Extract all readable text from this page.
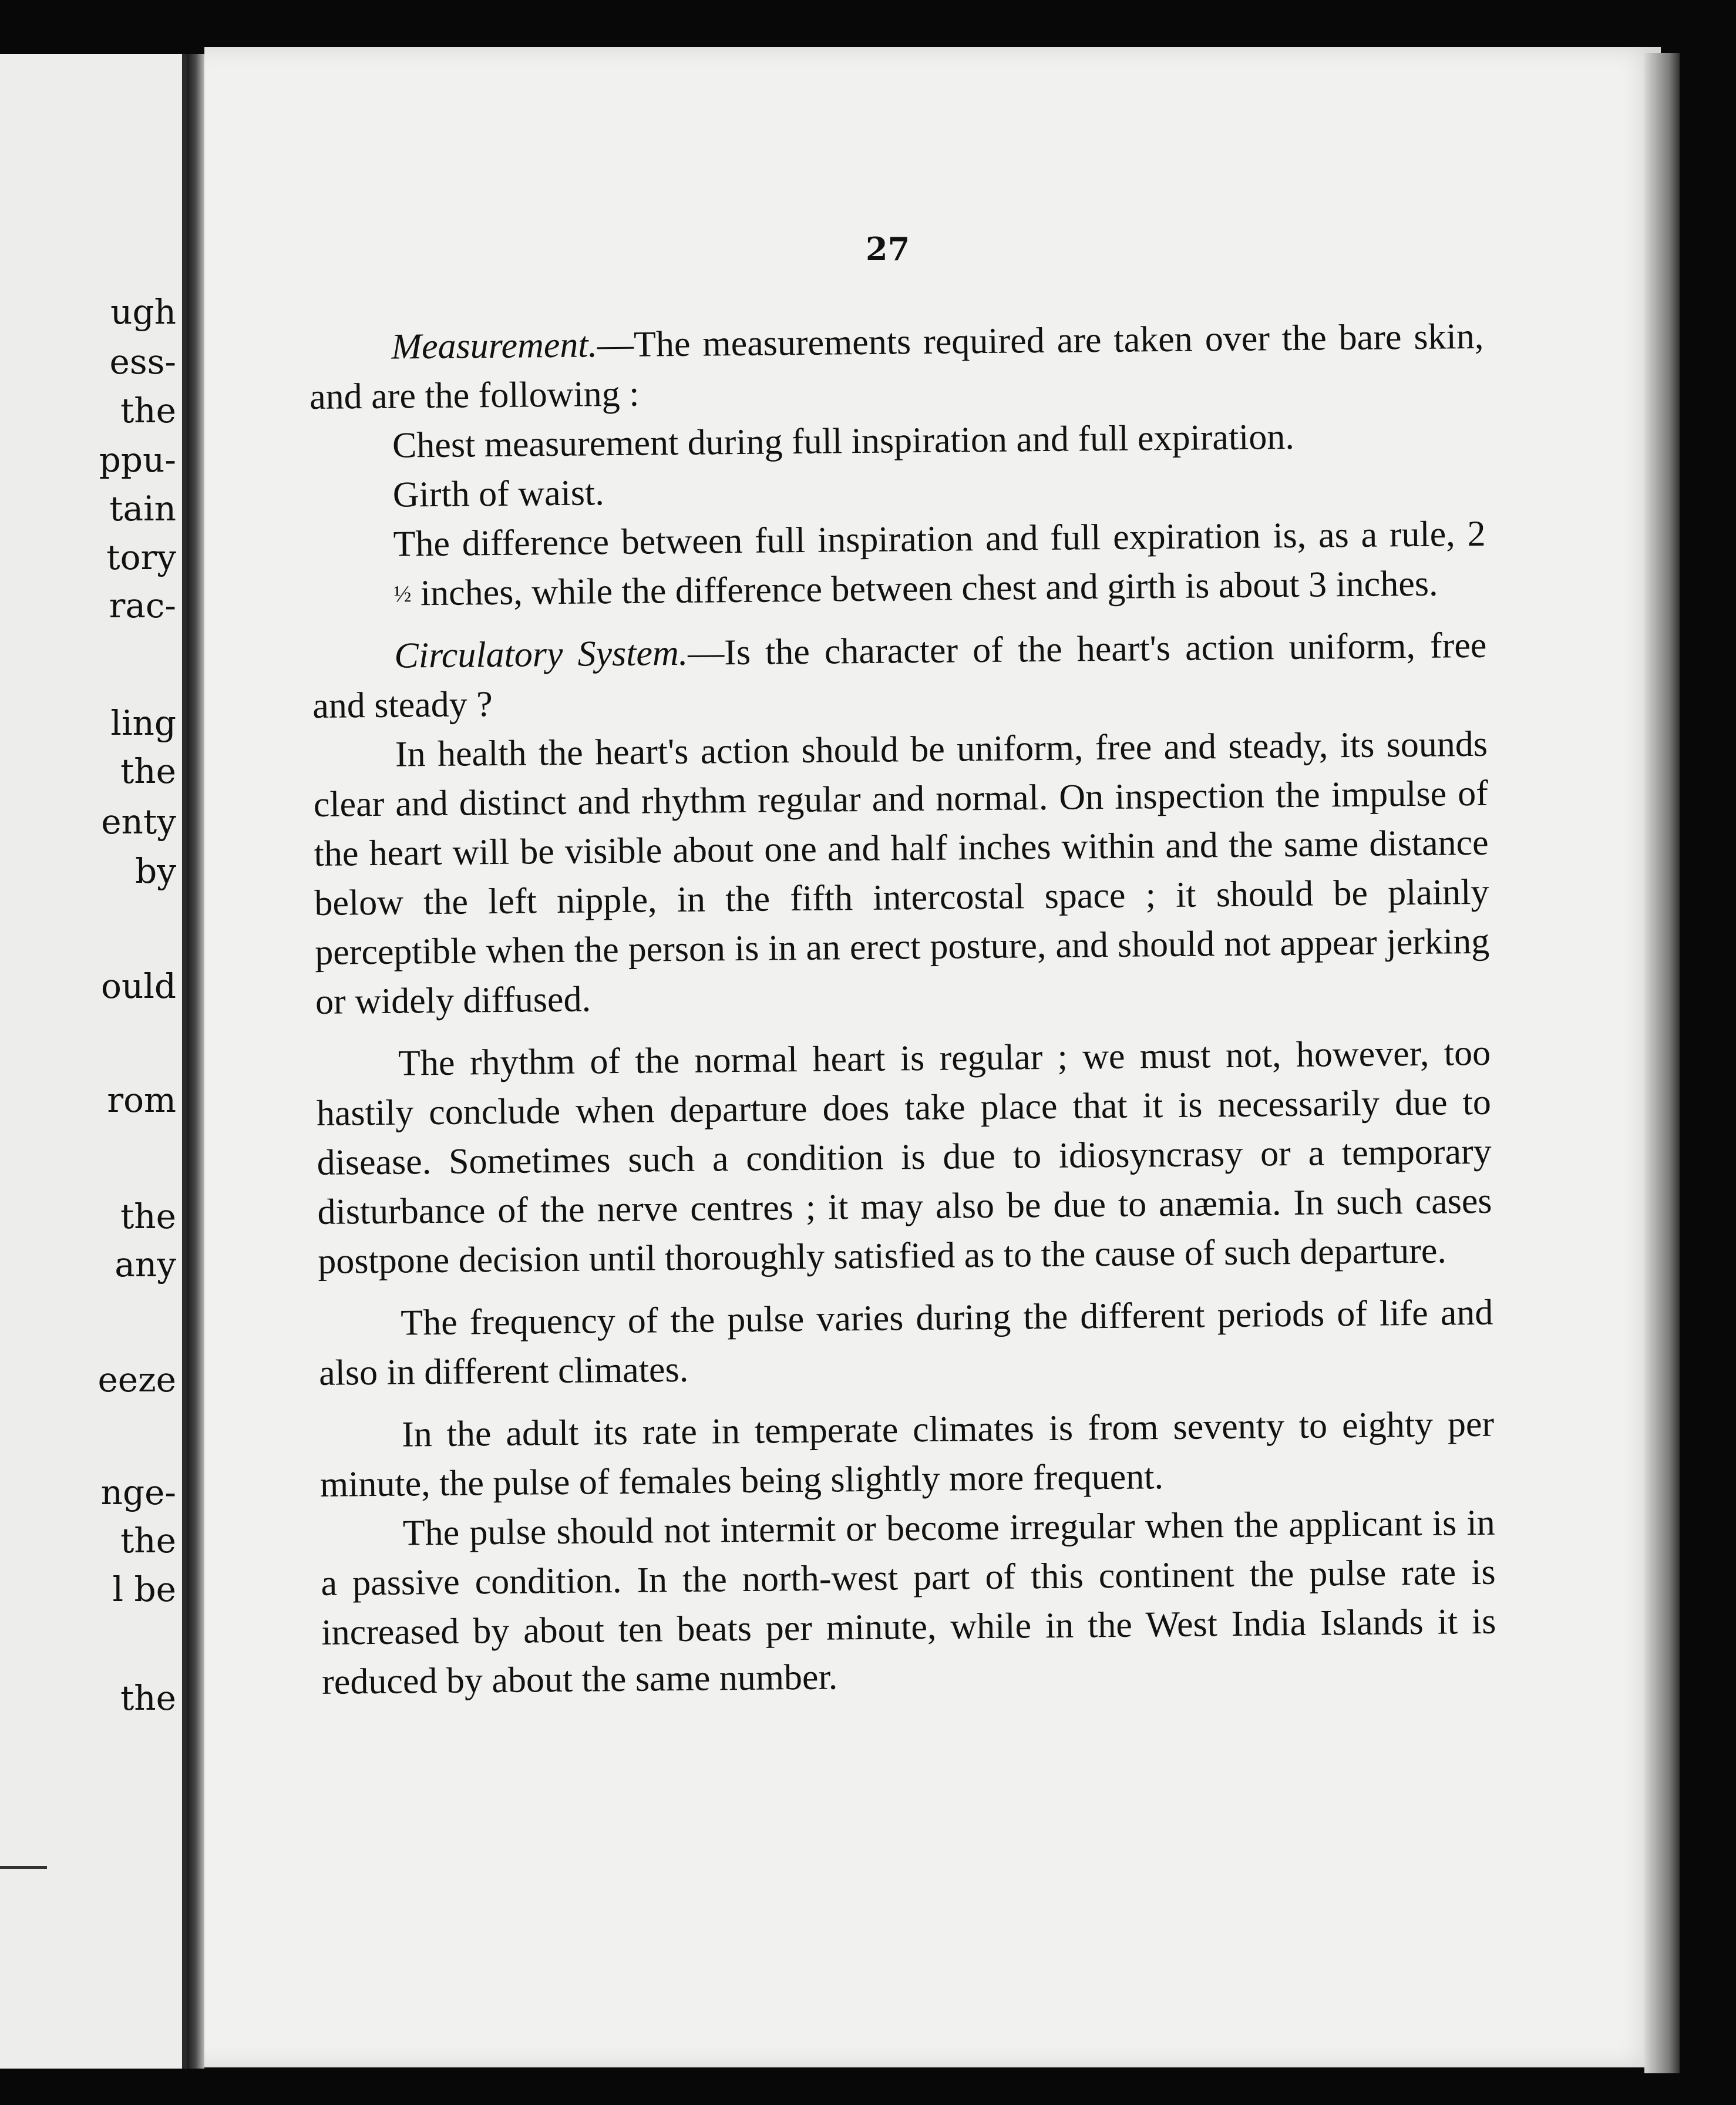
ugh
ess-
the
ppu-
tain
tory
rac-
ling
the
enty
by
ould
rom
the
any
eeze
nge-
the
l be
the
27

Measurement.—The measurements required are taken over the bare skin, and are the following :

Chest measurement during full inspiration and full expiration.

Girth of waist.

The difference between full inspiration and full expiration is, as a rule, 2½ inches, while the difference between chest and girth is about 3 inches.

Circulatory System.—Is the character of the heart's action uniform, free and steady ?

In health the heart's action should be uniform, free and steady, its sounds clear and distinct and rhythm regular and normal. On inspection the impulse of the heart will be visible about one and half inches within and the same distance below the left nipple, in the fifth intercostal space ; it should be plainly perceptible when the person is in an erect posture, and should not appear jerking or widely diffused.

The rhythm of the normal heart is regular ; we must not, however, too hastily conclude when departure does take place that it is necessarily due to disease. Sometimes such a condition is due to idiosyncrasy or a temporary disturbance of the nerve centres ; it may also be due to anæmia. In such cases postpone decision until thoroughly satisfied as to the cause of such departure.

The frequency of the pulse varies during the different periods of life and also in different climates.

In the adult its rate in temperate climates is from seventy to eighty per minute, the pulse of females being slightly more frequent.

The pulse should not intermit or become irregular when the applicant is in a passive condition. In the north-west part of this continent the pulse rate is increased by about ten beats per minute, while in the West India Islands it is reduced by about the same number.
